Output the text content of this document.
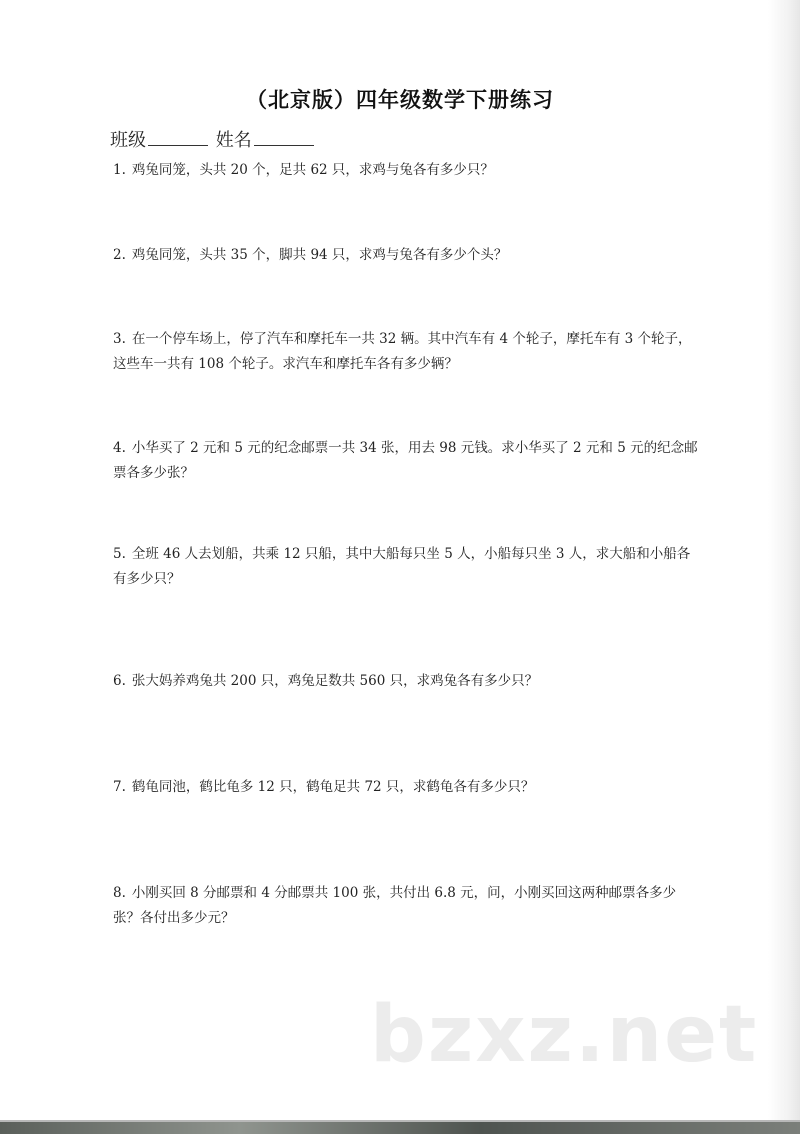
（北京版）四年级数学下册练习
班级	姓名
1. 鸡兔同笼，头共 20 个，足共 62 只，求鸡与兔各有多少只？
2. 鸡兔同笼，头共 35 个，脚共 94 只，求鸡与兔各有多少个头？
3. 在一个停车场上，停了汽车和摩托车一共 32 辆。其中汽车有 4 个轮子，摩托车有 3 个轮子，这些车一共有 108 个轮子。求汽车和摩托车各有多少辆？
4. 小华买了 2 元和 5 元的纪念邮票一共 34 张，用去 98 元钱。求小华买了 2 元和 5 元的纪念邮票各多少张？
5. 全班 46 人去划船，共乘 12 只船，其中大船每只坐 5 人，小船每只坐 3 人，求大船和小船各有多少只？
6. 张大妈养鸡兔共 200 只，鸡兔足数共 560 只，求鸡兔各有多少只？
7. 鹤龟同池，鹤比龟多 12 只，鹤龟足共 72 只，求鹤龟各有多少只？
8. 小刚买回 8 分邮票和 4 分邮票共 100 张，共付出 6.8 元，问，小刚买回这两种邮票各多少张？各付出多少元？
bzxz.net
